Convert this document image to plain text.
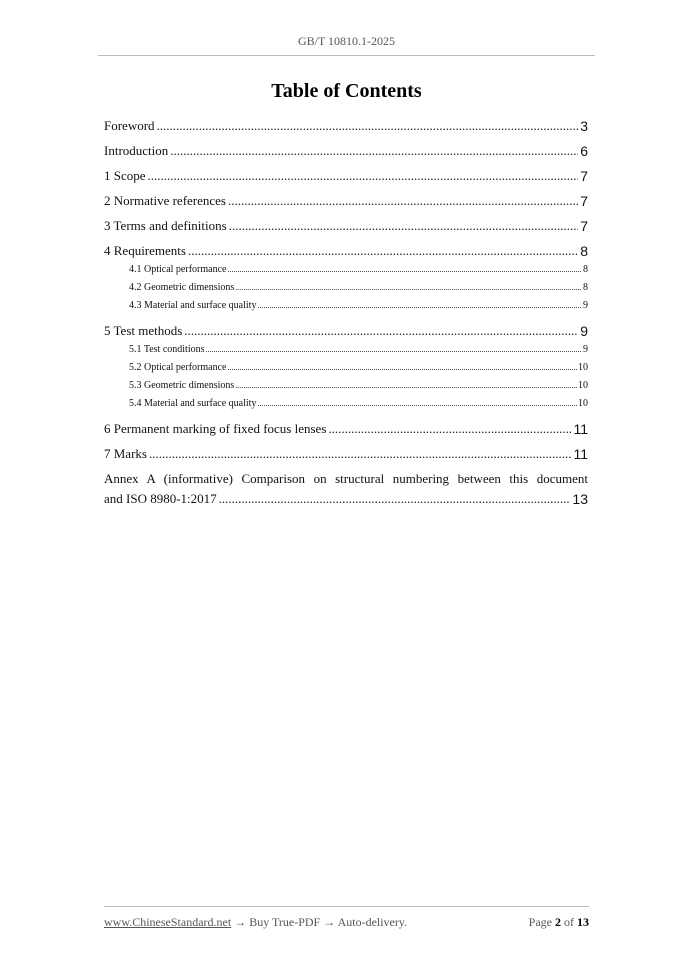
GB/T 10810.1-2025
Table of Contents
Foreword .....	3
Introduction .....	6
1 Scope .....	7
2 Normative references .....	7
3 Terms and definitions .....	7
4 Requirements .....	8
4.1 Optical performance .....	8
4.2 Geometric dimensions .....	8
4.3 Material and surface quality .....	9
5 Test methods .....	9
5.1 Test conditions .....	9
5.2 Optical performance .....	10
5.3 Geometric dimensions .....	10
5.4 Material and surface quality .....	10
6 Permanent marking of fixed focus lenses .....	11
7 Marks .....	11
Annex A (informative) Comparison on structural numbering between this document
and ISO 8980-1:2017 .....	13
www.ChineseStandard.net → Buy True-PDF → Auto-delivery.	Page 2 of 13
